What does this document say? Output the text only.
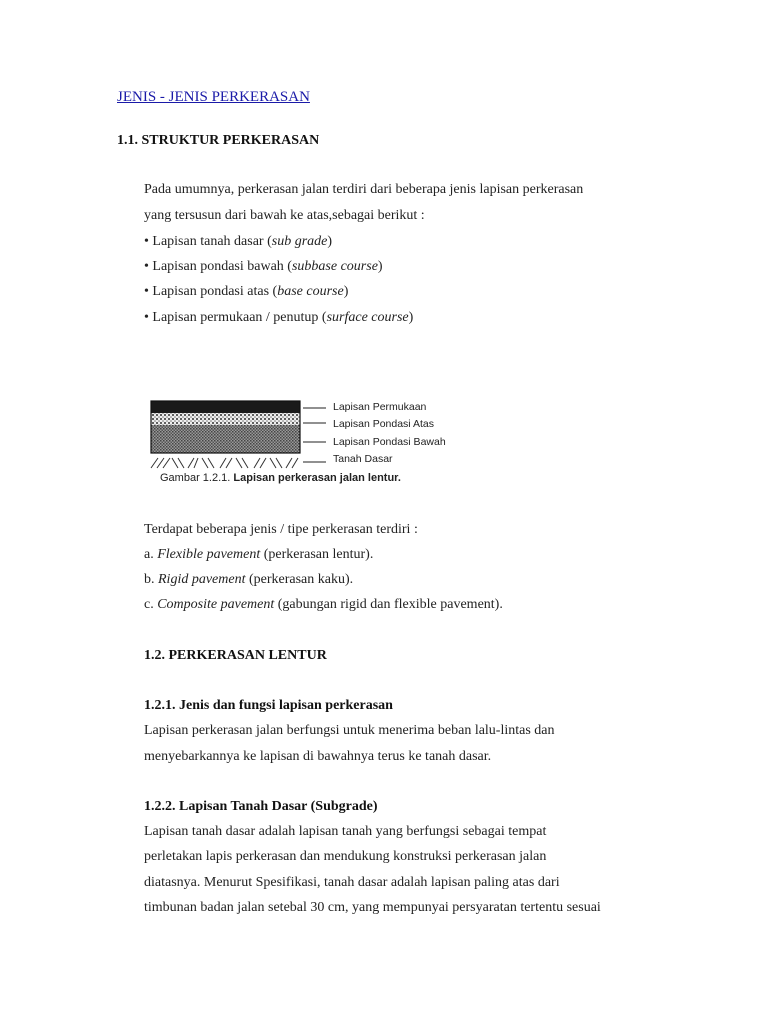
JENIS - JENIS PERKERASAN
1.1. STRUKTUR PERKERASAN
Pada umumnya, perkerasan jalan terdiri dari beberapa jenis lapisan perkerasan
yang tersusun dari bawah ke atas,sebagai berikut :
• Lapisan tanah dasar (sub grade)
• Lapisan pondasi bawah (subbase course)
• Lapisan pondasi atas (base course)
• Lapisan permukaan / penutup (surface course)
Lapisan Permukaan
Lapisan Pondasi Atas
Lapisan Pondasi Bawah
Tanah Dasar
Gambar 1.2.1. Lapisan perkerasan jalan lentur.
Terdapat beberapa jenis / tipe perkerasan terdiri :
a. Flexible pavement (perkerasan lentur).
b. Rigid pavement (perkerasan kaku).
c. Composite pavement (gabungan rigid dan flexible pavement).
1.2. PERKERASAN LENTUR
1.2.1. Jenis dan fungsi lapisan perkerasan
Lapisan perkerasan jalan berfungsi untuk menerima beban lalu-lintas dan
menyebarkannya ke lapisan di bawahnya terus ke tanah dasar.
1.2.2. Lapisan Tanah Dasar (Subgrade)
Lapisan tanah dasar adalah lapisan tanah yang berfungsi sebagai tempat
perletakan lapis perkerasan dan mendukung konstruksi perkerasan jalan
diatasnya. Menurut Spesifikasi, tanah dasar adalah lapisan paling atas dari
timbunan badan jalan setebal 30 cm, yang mempunyai persyaratan tertentu sesuai
